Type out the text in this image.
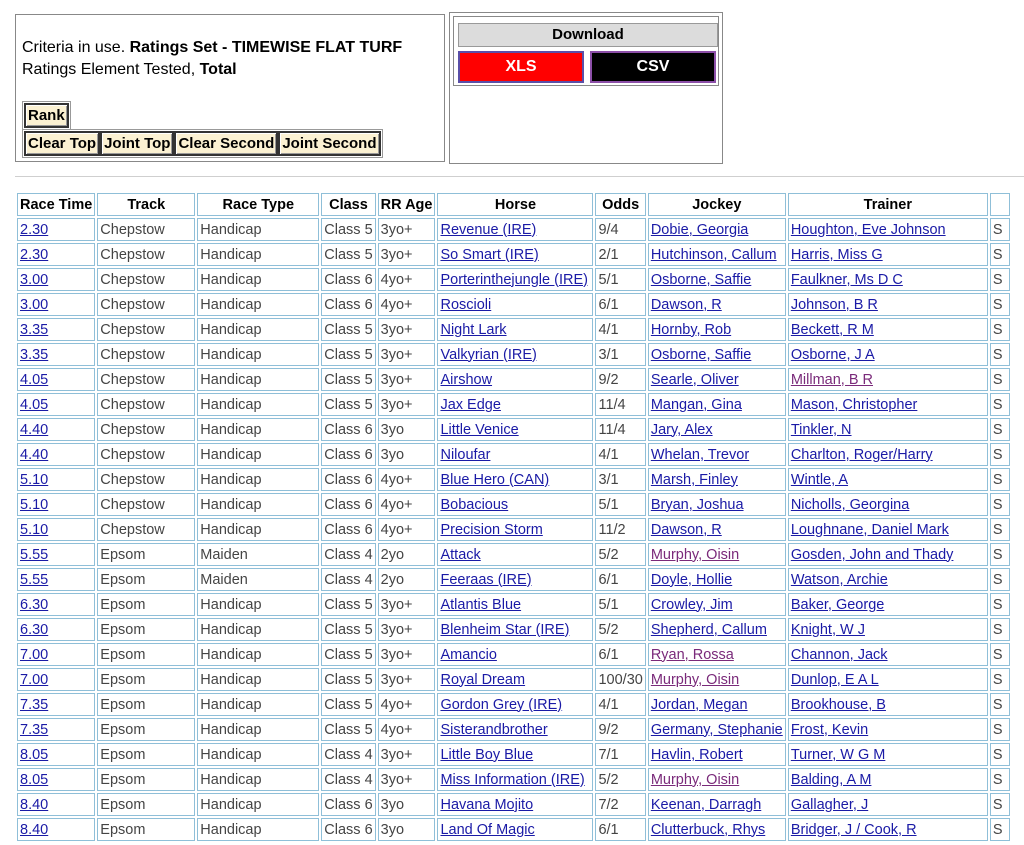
Criteria in use. Ratings Set - TIMEWISE FLAT TURF
Ratings Element Tested, Total
Rank
Clear Top Joint Top Clear Second Joint Second
Download
XLS	CSV
Race Time	Track	Race Type	Class	RR Age	Horse	Odds	Jockey	Trainer	
2.30	Chepstow	Handicap	Class 5	3yo+	Revenue (IRE)	9/4	Dobie, Georgia	Houghton, Eve Johnson	S
2.30	Chepstow	Handicap	Class 5	3yo+	So Smart (IRE)	2/1	Hutchinson, Callum	Harris, Miss G	S
3.00	Chepstow	Handicap	Class 6	4yo+	Porterinthejungle (IRE)	5/1	Osborne, Saffie	Faulkner, Ms D C	S
3.00	Chepstow	Handicap	Class 6	4yo+	Roscioli	6/1	Dawson, R	Johnson, B R	S
3.35	Chepstow	Handicap	Class 5	3yo+	Night Lark	4/1	Hornby, Rob	Beckett, R M	S
3.35	Chepstow	Handicap	Class 5	3yo+	Valkyrian (IRE)	3/1	Osborne, Saffie	Osborne, J A	S
4.05	Chepstow	Handicap	Class 5	3yo+	Airshow	9/2	Searle, Oliver	Millman, B R	S
4.05	Chepstow	Handicap	Class 5	3yo+	Jax Edge	11/4	Mangan, Gina	Mason, Christopher	S
4.40	Chepstow	Handicap	Class 6	3yo	Little Venice	11/4	Jary, Alex	Tinkler, N	S
4.40	Chepstow	Handicap	Class 6	3yo	Niloufar	4/1	Whelan, Trevor	Charlton, Roger/Harry	S
5.10	Chepstow	Handicap	Class 6	4yo+	Blue Hero (CAN)	3/1	Marsh, Finley	Wintle, A	S
5.10	Chepstow	Handicap	Class 6	4yo+	Bobacious	5/1	Bryan, Joshua	Nicholls, Georgina	S
5.10	Chepstow	Handicap	Class 6	4yo+	Precision Storm	11/2	Dawson, R	Loughnane, Daniel Mark	S
5.55	Epsom	Maiden	Class 4	2yo	Attack	5/2	Murphy, Oisin	Gosden, John and Thady	S
5.55	Epsom	Maiden	Class 4	2yo	Feeraas (IRE)	6/1	Doyle, Hollie	Watson, Archie	S
6.30	Epsom	Handicap	Class 5	3yo+	Atlantis Blue	5/1	Crowley, Jim	Baker, George	S
6.30	Epsom	Handicap	Class 5	3yo+	Blenheim Star (IRE)	5/2	Shepherd, Callum	Knight, W J	S
7.00	Epsom	Handicap	Class 5	3yo+	Amancio	6/1	Ryan, Rossa	Channon, Jack	S
7.00	Epsom	Handicap	Class 5	3yo+	Royal Dream	100/30	Murphy, Oisin	Dunlop, E A L	S
7.35	Epsom	Handicap	Class 5	4yo+	Gordon Grey (IRE)	4/1	Jordan, Megan	Brookhouse, B	S
7.35	Epsom	Handicap	Class 5	4yo+	Sisterandbrother	9/2	Germany, Stephanie	Frost, Kevin	S
8.05	Epsom	Handicap	Class 4	3yo+	Little Boy Blue	7/1	Havlin, Robert	Turner, W G M	S
8.05	Epsom	Handicap	Class 4	3yo+	Miss Information (IRE)	5/2	Murphy, Oisin	Balding, A M	S
8.40	Epsom	Handicap	Class 6	3yo	Havana Mojito	7/2	Keenan, Darragh	Gallagher, J	S
8.40	Epsom	Handicap	Class 6	3yo	Land Of Magic	6/1	Clutterbuck, Rhys	Bridger, J / Cook, R	S
